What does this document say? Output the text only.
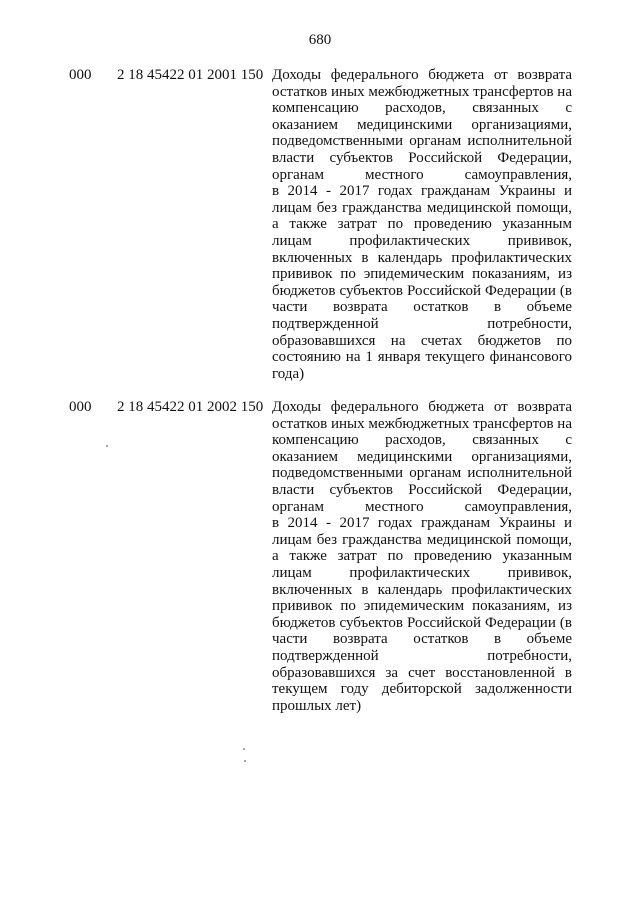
680
000 2 18 45422 01 2001 150 Доходы федерального бюджета от возврата
остатков иных межбюджетных трансфертов на
компенсацию расходов, связанных с
оказанием медицинскими организациями,
подведомственными органам исполнительной
власти субъектов Российской Федерации,
органам местного самоуправления,
в 2014 - 2017 годах гражданам Украины и
лицам без гражданства медицинской помощи,
а также затрат по проведению указанным
лицам профилактических прививок,
включенных в календарь профилактических
прививок по эпидемическим показаниям, из
бюджетов субъектов Российской Федерации (в
части возврата остатков в объеме
подтвержденной потребности,
образовавшихся на счетах бюджетов по
состоянию на 1 января текущего финансового
года)
000 2 18 45422 01 2002 150 Доходы федерального бюджета от возврата
остатков иных межбюджетных трансфертов на
компенсацию расходов, связанных с
оказанием медицинскими организациями,
подведомственными органам исполнительной
власти субъектов Российской Федерации,
органам местного самоуправления,
в 2014 - 2017 годах гражданам Украины и
лицам без гражданства медицинской помощи,
а также затрат по проведению указанным
лицам профилактических прививок,
включенных в календарь профилактических
прививок по эпидемическим показаниям, из
бюджетов субъектов Российской Федерации (в
части возврата остатков в объеме
подтвержденной потребности,
образовавшихся за счет восстановленной в
текущем году дебиторской задолженности
прошлых лет)
